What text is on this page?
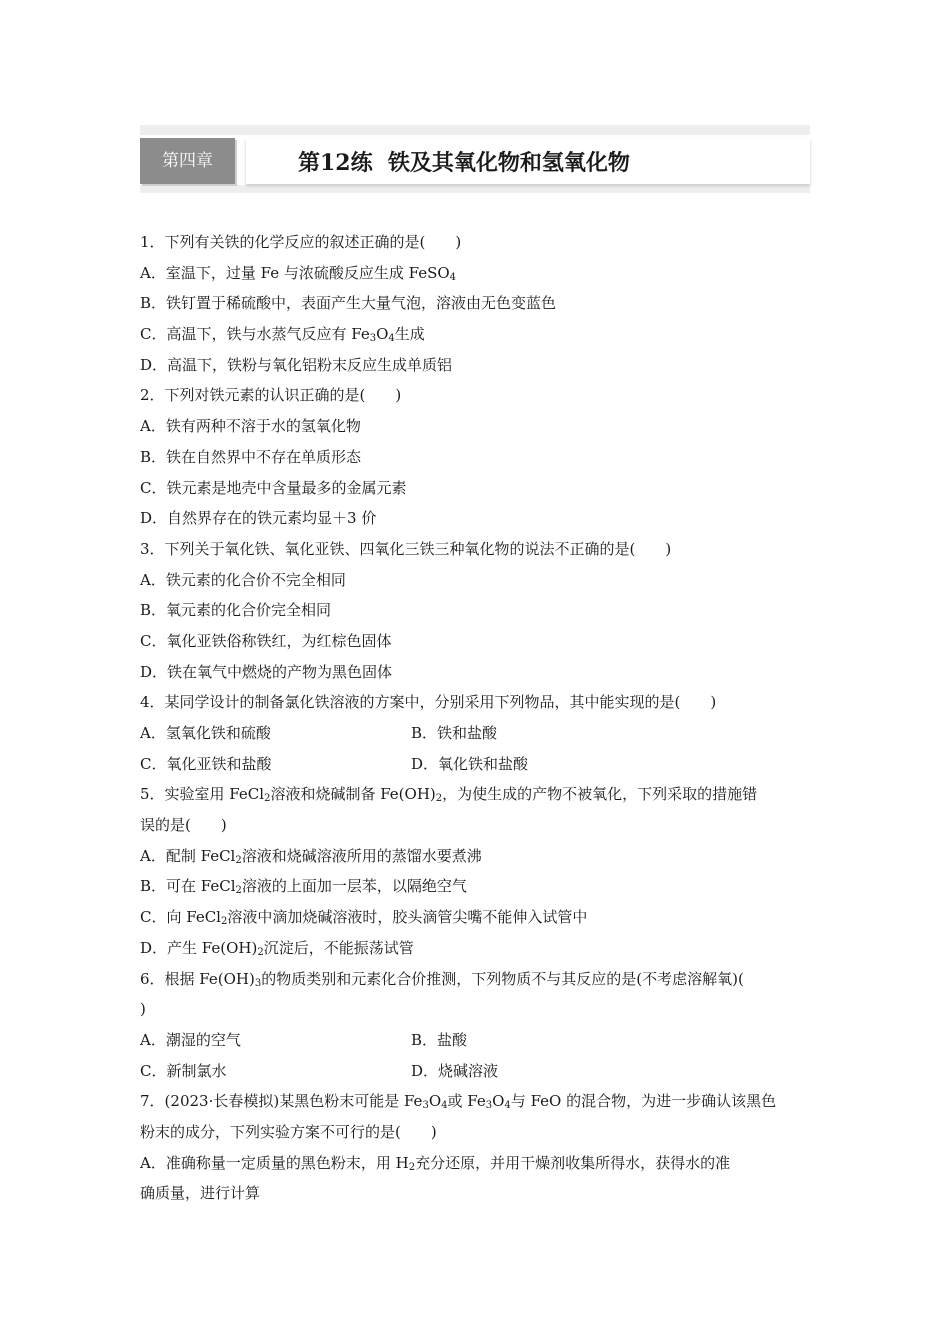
第四章	第12练  铁及其氧化物和氢氧化物
1．下列有关铁的化学反应的叙述正确的是(　　)
A．室温下，过量 Fe 与浓硫酸反应生成 FeSO$_4$
B．铁钉置于稀硫酸中，表面产生大量气泡，溶液由无色变蓝色
C．高温下，铁与水蒸气反应有 $Fe_3O_4$生成
D．高温下，铁粉与氧化铝粉末反应生成单质铝
2．下列对铁元素的认识正确的是(　　)
A．铁有两种不溶于水的氢氧化物
B．铁在自然界中不存在单质形态
C．铁元素是地壳中含量最多的金属元素
D．自然界存在的铁元素均显＋3 价
3．下列关于氧化铁、氧化亚铁、四氧化三铁三种氧化物的说法不正确的是(　　)
A．铁元素的化合价不完全相同
B．氧元素的化合价完全相同
C．氧化亚铁俗称铁红，为红棕色固体
D．铁在氧气中燃烧的产物为黑色固体
4．某同学设计的制备氯化铁溶液的方案中，分别采用下列物品，其中能实现的是(　　)
A．氢氧化铁和硫酸	B．铁和盐酸
C．氧化亚铁和盐酸	D．氧化铁和盐酸
5．实验室用 FeCl$_2$溶液和烧碱制备 $Fe(OH)_2$，为使生成的产物不被氧化，下列采取的措施错
误的是(　　)
A．配制 FeCl$_2$溶液和烧碱溶液所用的蒸馏水要煮沸
B．可在 FeCl$_2$溶液的上面加一层苯，以隔绝空气
C．向 FeCl$_2$溶液中滴加烧碱溶液时，胶头滴管尖嘴不能伸入试管中
D．产生 $Fe(OH)_2$沉淀后，不能振荡试管
6．根据 $Fe(OH)_3$的物质类别和元素化合价推测，下列物质不与其反应的是(不考虑溶解氧)(
)
A．潮湿的空气	B．盐酸
C．新制氯水	D．烧碱溶液
7．(2023·长春模拟)某黑色粉末可能是 $Fe_3O_4$或 $Fe_3O_4$与 FeO 的混合物，为进一步确认该黑色
粉末的成分，下列实验方案不可行的是(　　)
A．准确称量一定质量的黑色粉末，用 $H_2$充分还原，并用干燥剂收集所得水，获得水的准
确质量，进行计算
